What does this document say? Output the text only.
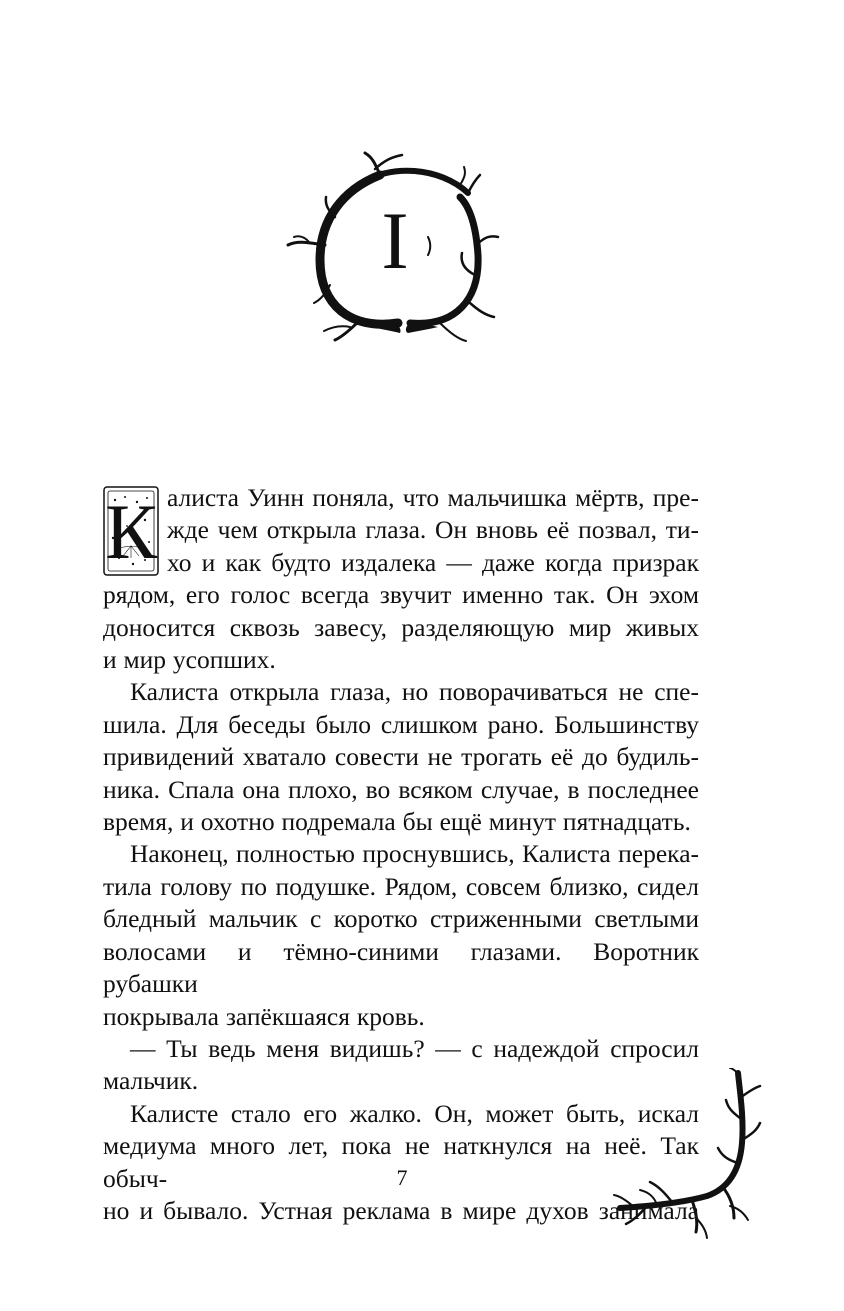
I

К алиста Уинн поняла, что мальчишка мёртв, пре-
жде чем открыла глаза. Он вновь её позвал, ти-
хо и как будто издалека — даже когда призрак
рядом, его голос всегда звучит именно так. Он эхом
доносится сквозь завесу, разделяющую мир живых
и мир усопших.

Калиста открыла глаза, но поворачиваться не спе-
шила. Для беседы было слишком рано. Большинству
привидений хватало совести не трогать её до будиль-
ника. Спала она плохо, во всяком случае, в последнее
время, и охотно подремала бы ещё минут пятнадцать.

Наконец, полностью проснувшись, Калиста перека-
тила голову по подушке. Рядом, совсем близко, сидел
бледный мальчик с коротко стриженными светлыми
волосами и тёмно-синими глазами. Воротник рубашки
покрывала запёкшаяся кровь.

— Ты ведь меня видишь? — с надеждой спросил
мальчик.

Калисте стало его жалко. Он, может быть, искал
медиума много лет, пока не наткнулся на неё. Так обыч-
но и бывало. Устная реклама в мире духов занимала

7
